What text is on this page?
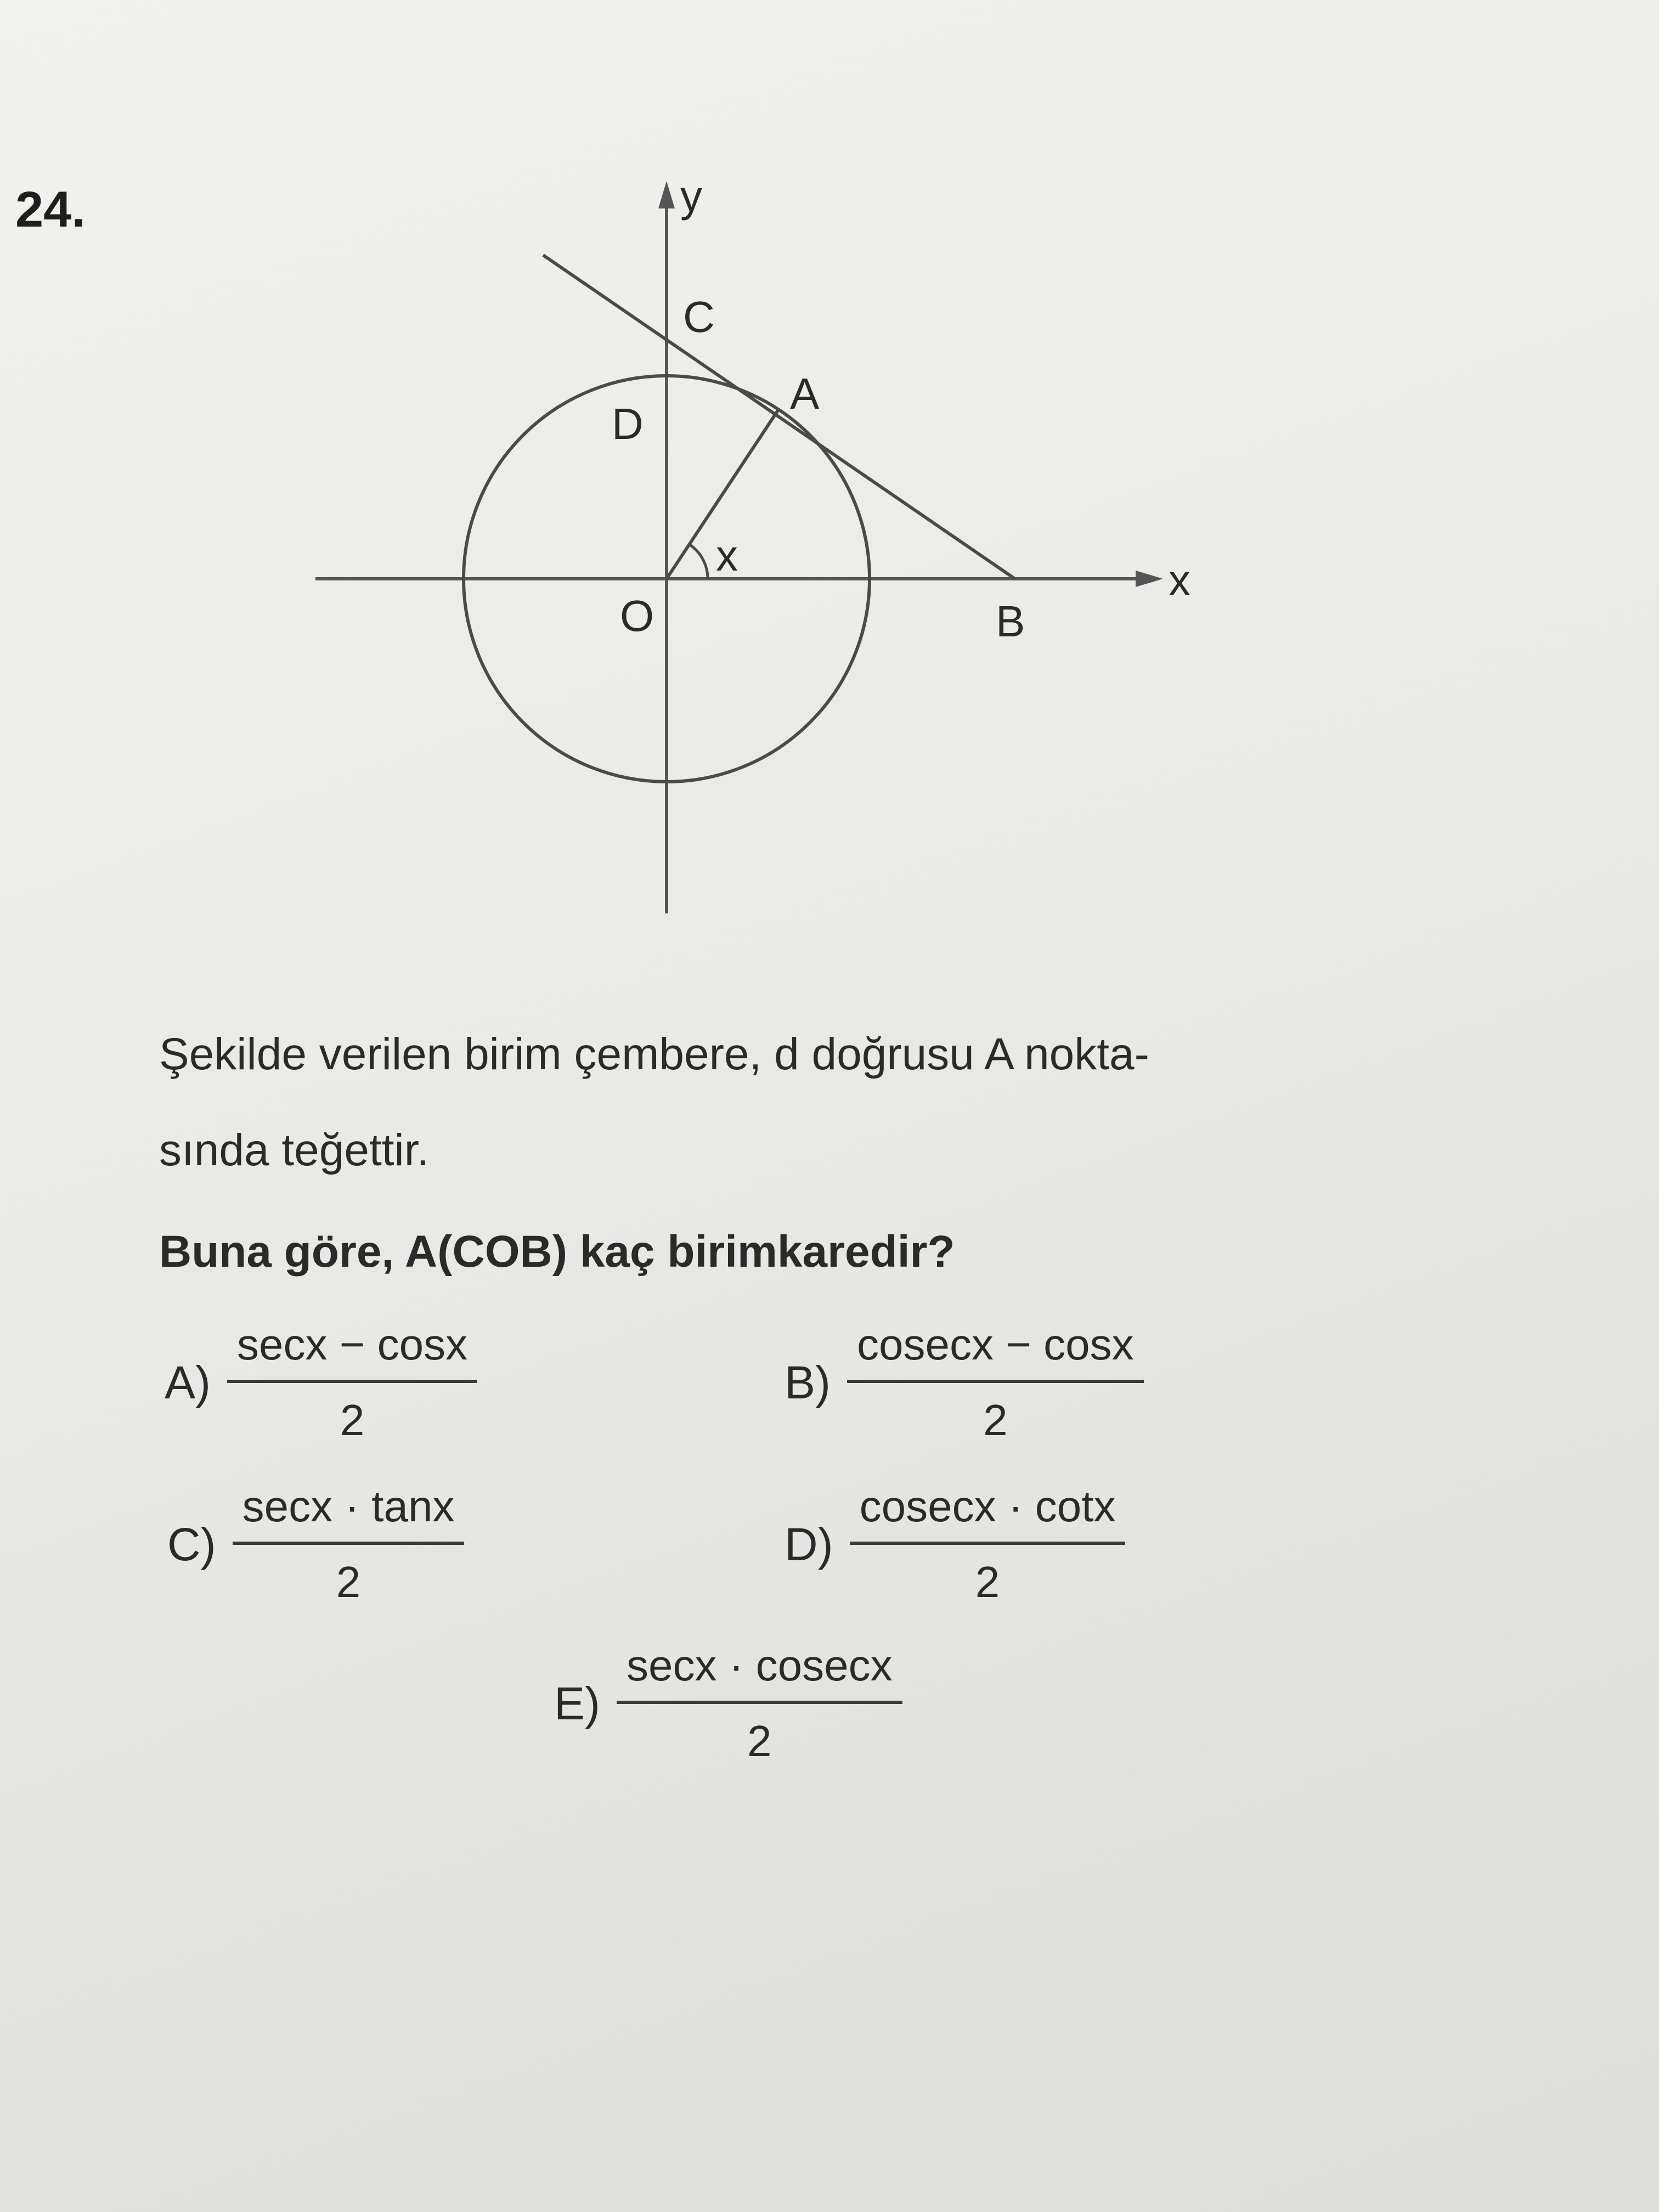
24.	y
x
C
A
D
O	B
x
Şekilde verilen birim çembere, d doğrusu A nokta-
sında teğettir.
Buna göre, A(COB) kaç birimkaredir?
A)
secx − cosx
2
B)
cosecx − cosx
2
C)
secx · tanx
2
D)
cosecx · cotx
2
E)
secx · cosecx
2
